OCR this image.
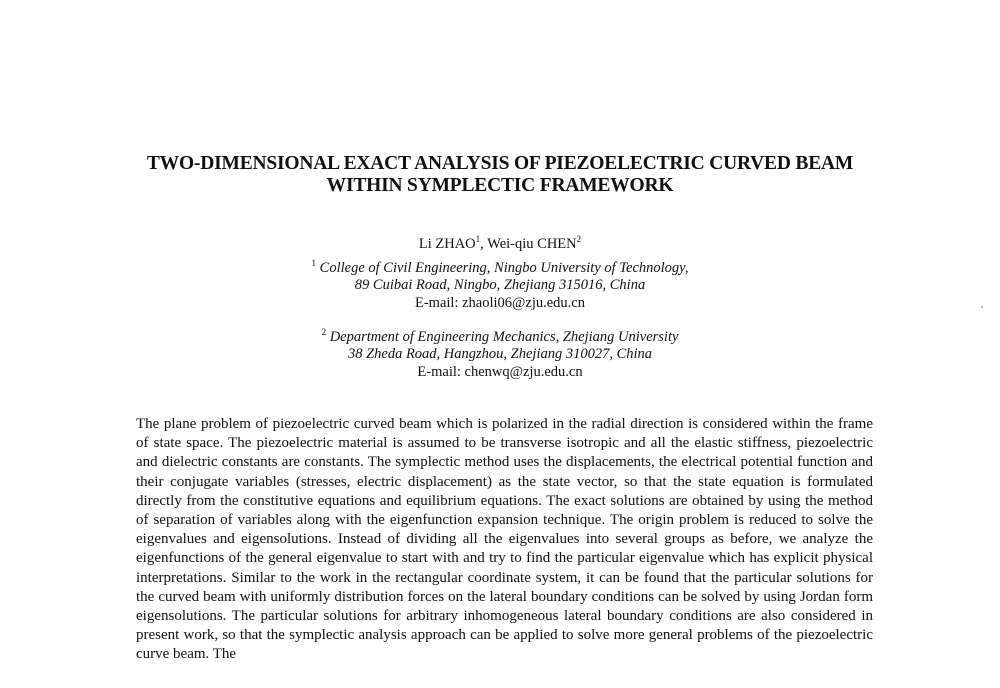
TWO-DIMENSIONAL EXACT ANALYSIS OF PIEZOELECTRIC CURVED BEAM
WITHIN SYMPLECTIC FRAMEWORK
Li ZHAO$^1$, Wei-qiu CHEN$^2$
$^1$ College of Civil Engineering, Ningbo University of Technology,
89 Cuibai Road, Ningbo, Zhejiang 315016, China
E-mail: zhaoli06@zju.edu.cn
$^2$ Department of Engineering Mechanics, Zhejiang University
38 Zheda Road, Hangzhou, Zhejiang 310027, China
E-mail: chenwq@zju.edu.cn

The plane problem of piezoelectric curved beam which is polarized in the radial direction is considered within the frame of state space. The piezoelectric material is assumed to be transverse isotropic and all the elastic stiffness, piezoelectric and dielectric constants are constants. The symplectic method uses the displacements, the electrical potential function and their conjugate variables (stresses, electric displacement) as the state vector, so that the state equation is formulated directly from the constitutive equations and equilibrium equations. The exact solutions are obtained by using the method of separation of variables along with the eigenfunction expansion technique. The origin problem is reduced to solve the eigenvalues and eigensolutions. Instead of dividing all the eigenvalues into several groups as before, we analyze the eigenfunctions of the general eigenvalue to start with and try to find the particular eigenvalue which has explicit physical interpretations. Similar to the work in the rectangular coordinate system, it can be found that the particular solutions for the curved beam with uniformly distribution forces on the lateral boundary conditions can be solved by using Jordan form eigensolutions. The particular solutions for arbitrary inhomogeneous lateral boundary conditions are also considered in present work, so that the symplectic analysis approach can be applied to solve more general problems of the piezoelectric curve beam. The
